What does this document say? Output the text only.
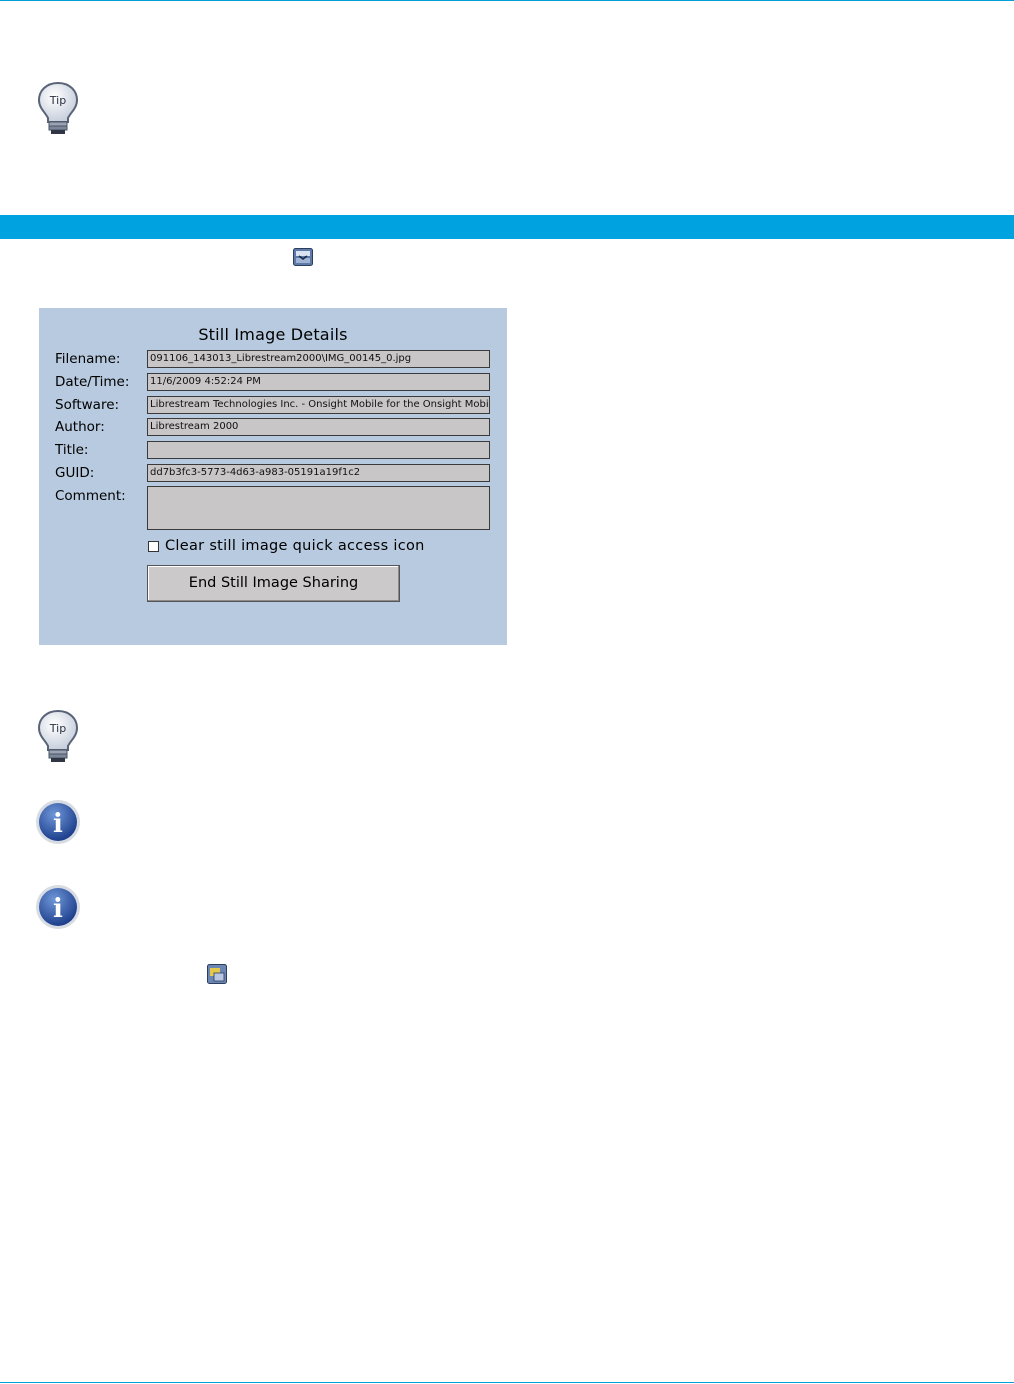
Tip
Still Image Details
Filename:	091106_143013_Librestream2000\IMG_00145_0.jpg
Date/Time:	11/6/2009 4:52:24 PM
Software:	Librestream Technologies Inc. - Onsight Mobile for the Onsight Mobi
Author:	Librestream 2000
Title:
GUID:	dd7b3fc3-5773-4d63-a983-05191a19f1c2
Comment:
Clear still image quick access icon
End Still Image Sharing
Tip
i
i
